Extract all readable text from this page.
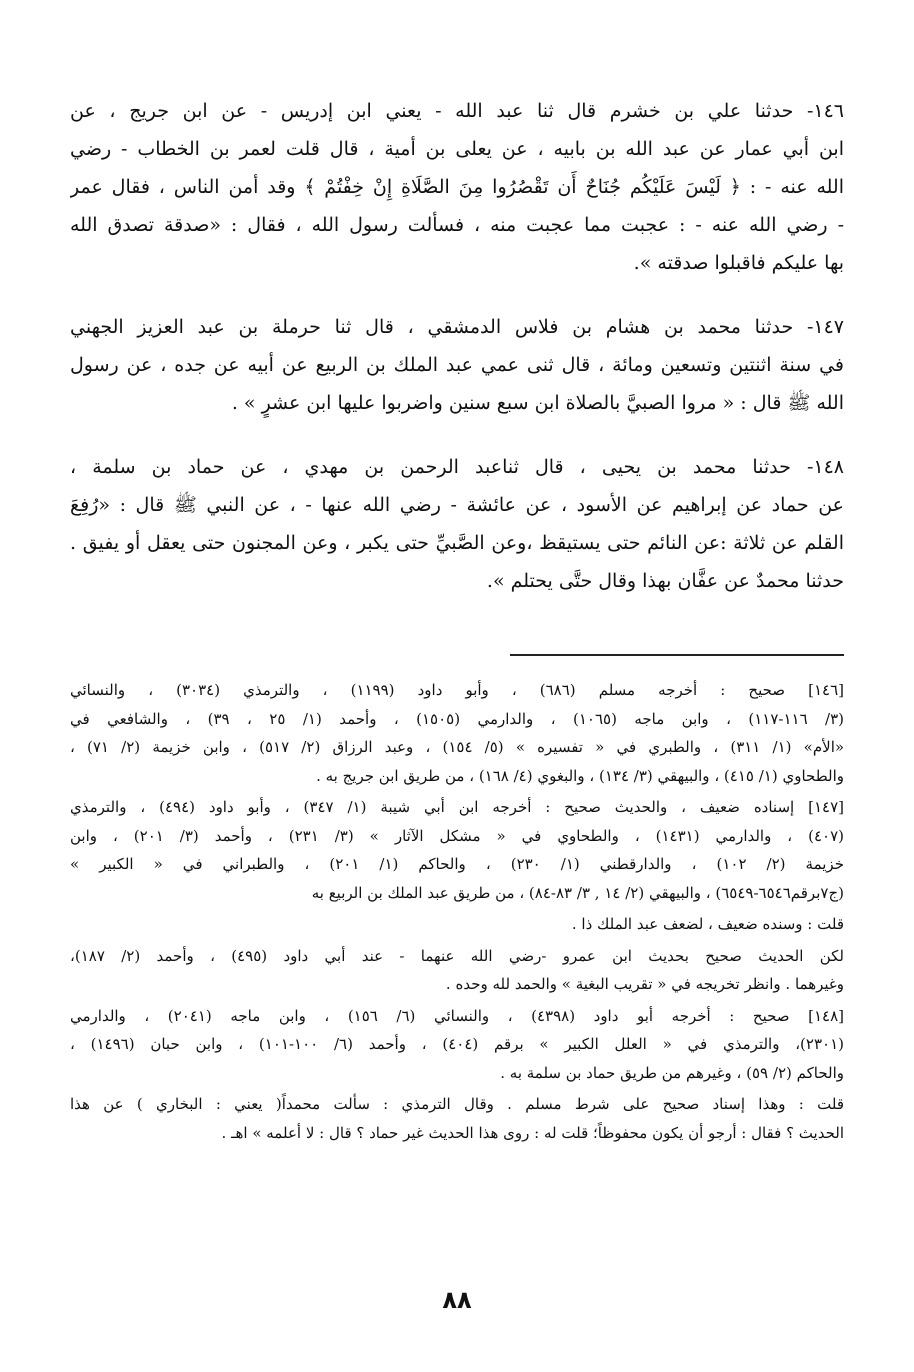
١٤٦- حدثنا علي بن خشرم قال ثنا عبد الله - يعني ابن إدريس - عن ابن جريج ، عن
ابن أبي عمار عن عبد الله بن بابيه ، عن يعلى بن أمية ، قال قلت لعمر بن الخطاب - رضي
الله عنه - : ﴿ لَيْسَ عَلَيْكُم جُنَاحٌ أَن تَقْصُرُوا مِنَ الصَّلَاةِ إِنْ خِفْتُمْ ﴾ وقد أمن الناس ، فقال عمر
- رضي الله عنه - : عجبت مما عجبت منه ، فسألت رسول الله ، فقال : «صدقة تصدق الله
بها عليكم فاقبلوا صدقته ».
١٤٧- حدثنا محمد بن هشام بن فلاس الدمشقي ، قال ثنا حرملة بن عبد العزيز الجهني
في سنة اثنتين وتسعين ومائة ، قال ثنى عمي عبد الملك بن الربيع عن أبيه عن جده ، عن رسول
الله ﷺ قال : « مروا الصبيَّ بالصلاة ابن سبع سنين واضربوا عليها ابن عشرٍ » .
١٤٨- حدثنا محمد بن يحيى ، قال ثناعبد الرحمن بن مهدي ، عن حماد بن سلمة ،
عن حماد عن إبراهيم عن الأسود ، عن عائشة - رضي الله عنها - ، عن النبي ﷺ قال : «رُفِعَ
القلم عن ثلاثة :عن النائم حتى يستيقظ ،وعن الصَّبيِّ حتى يكبر ، وعن المجنون حتى يعقل أو يفيق .
حدثنا محمدٌ عن عفَّان بهذا وقال حتَّى يحتلم ».
[١٤٦] صحيح : أخرجه مسلم (٦٨٦) ، وأبو داود (١١٩٩) ، والترمذي (٣٠٣٤) ، والنسائي
(٣/ ١١٦-١١٧) ، وابن ماجه (١٠٦٥) ، والدارمي (١٥٠٥) ، وأحمد (١/ ٢٥ ، ٣٩) ، والشافعي في
«الأم» (١/ ٣١١) ، والطبري في « تفسيره » (٥/ ١٥٤) ، وعبد الرزاق (٢/ ٥١٧) ، وابن خزيمة (٢/ ٧١) ،
والطحاوي (١/ ٤١٥) ، والبيهقي (٣/ ١٣٤) ، والبغوي (٤/ ١٦٨) ، من طريق ابن جريج به .
[١٤٧] إسناده ضعيف ، والحديث صحيح : أخرجه ابن أبي شيبة (١/ ٣٤٧) ، وأبو داود (٤٩٤) ، والترمذي
(٤٠٧) ، والدارمي (١٤٣١) ، والطحاوي في « مشكل الآثار » (٣/ ٢٣١) ، وأحمد (٣/ ٢٠١) ، وابن
خزيمة (٢/ ١٠٢) ، والدارقطني (١/ ٢٣٠) ، والحاكم (١/ ٢٠١) ، والطبراني في « الكبير »
(ج٧برقم٦٥٤٦-٦٥٤٩) ، والبيهقي (٢/ ١٤ , ٣/ ٨٣-٨٤) ، من طريق عبد الملك بن الربيع به
قلت : وسنده ضعيف ، لضعف عبد الملك ذا .
لكن الحديث صحيح بحديث ابن عمرو -رضي الله عنهما - عند أبي داود (٤٩٥) ، وأحمد (٢/ ١٨٧)،
وغيرهما . وانظر تخريجه في « تقريب البغية » والحمد لله وحده .
[١٤٨] صحيح : أخرجه أبو داود (٤٣٩٨) ، والنسائي (٦/ ١٥٦) ، وابن ماجه (٢٠٤١) ، والدارمي
(٢٣٠١)، والترمذي في « العلل الكبير » برقم (٤٠٤) ، وأحمد (٦/ ١٠٠-١٠١) ، وابن حبان (١٤٩٦) ،
والحاكم (٢/ ٥٩) ، وغيرهم من طريق حماد بن سلمة به .
قلت : وهذا إسناد صحيح على شرط مسلم . وقال الترمذي : سألت محمداً( يعني : البخاري ) عن هذا
الحديث ؟ فقال : أرجو أن يكون محفوظاً؛ قلت له : روى هذا الحديث غير حماد ؟ قال : لا أعلمه » اهـ .
٨٨
